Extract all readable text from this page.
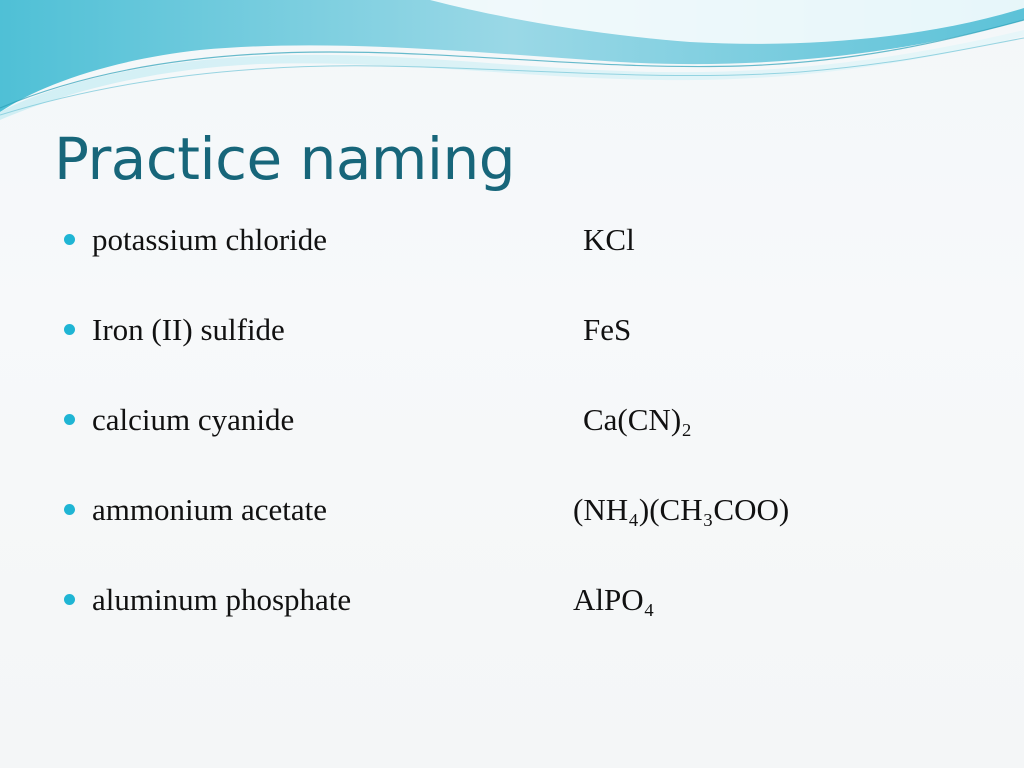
Practice naming
potassium chloride	KCl
Iron (II) sulfide	FeS
calcium cyanide	Ca(CN)₂
ammonium acetate	(NH₄)(CH₃COO)
aluminum phosphate	AlPO₄
